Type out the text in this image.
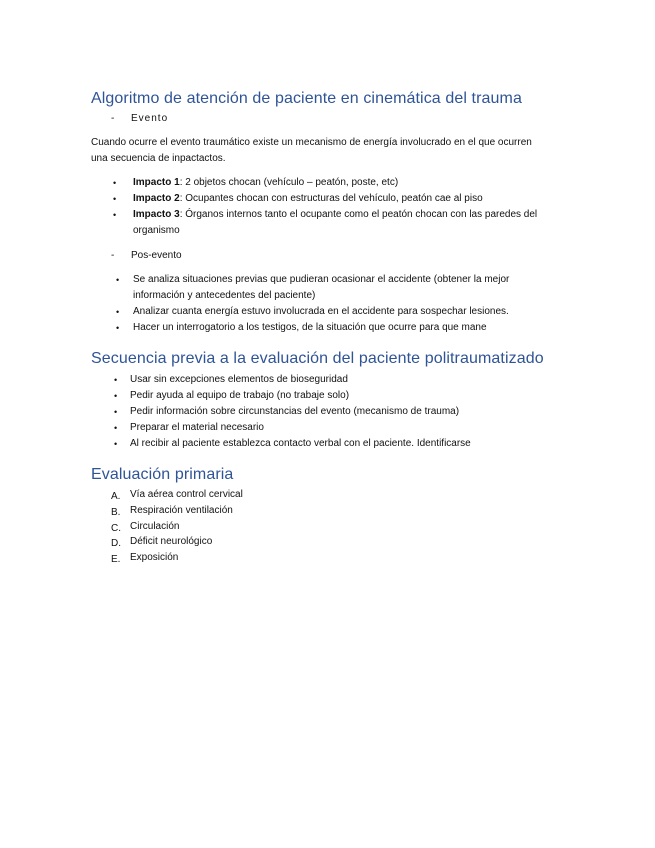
Algoritmo de atención de paciente en cinemática del trauma
- Evento
Cuando ocurre el evento traumático existe un mecanismo de energía involucrado en el que ocurren una secuencia de inpactactos.
• Impacto 1: 2 objetos chocan (vehículo – peatón, poste, etc)
• Impacto 2: Ocupantes chocan con estructuras del vehículo, peatón cae al piso
• Impacto 3: Órganos internos tanto el ocupante como el peatón chocan con las paredes del organismo
- Pos-evento
• Se analiza situaciones previas que pudieran ocasionar el accidente (obtener la mejor información y antecedentes del paciente)
• Analizar cuanta energía estuvo involucrada en el accidente para sospechar lesiones.
• Hacer un interrogatorio a los testigos, de la situación que ocurre para que mane
Secuencia previa a la evaluación del paciente politraumatizado
• Usar sin excepciones elementos de bioseguridad
• Pedir ayuda al equipo de trabajo (no trabaje solo)
• Pedir información sobre circunstancias del evento (mecanismo de trauma)
• Preparar el material necesario
• Al recibir al paciente establezca contacto verbal con el paciente. Identificarse
Evaluación primaria
A. Vía aérea control cervical
B. Respiración ventilación
C. Circulación
D. Déficit neurológico
E. Exposición
